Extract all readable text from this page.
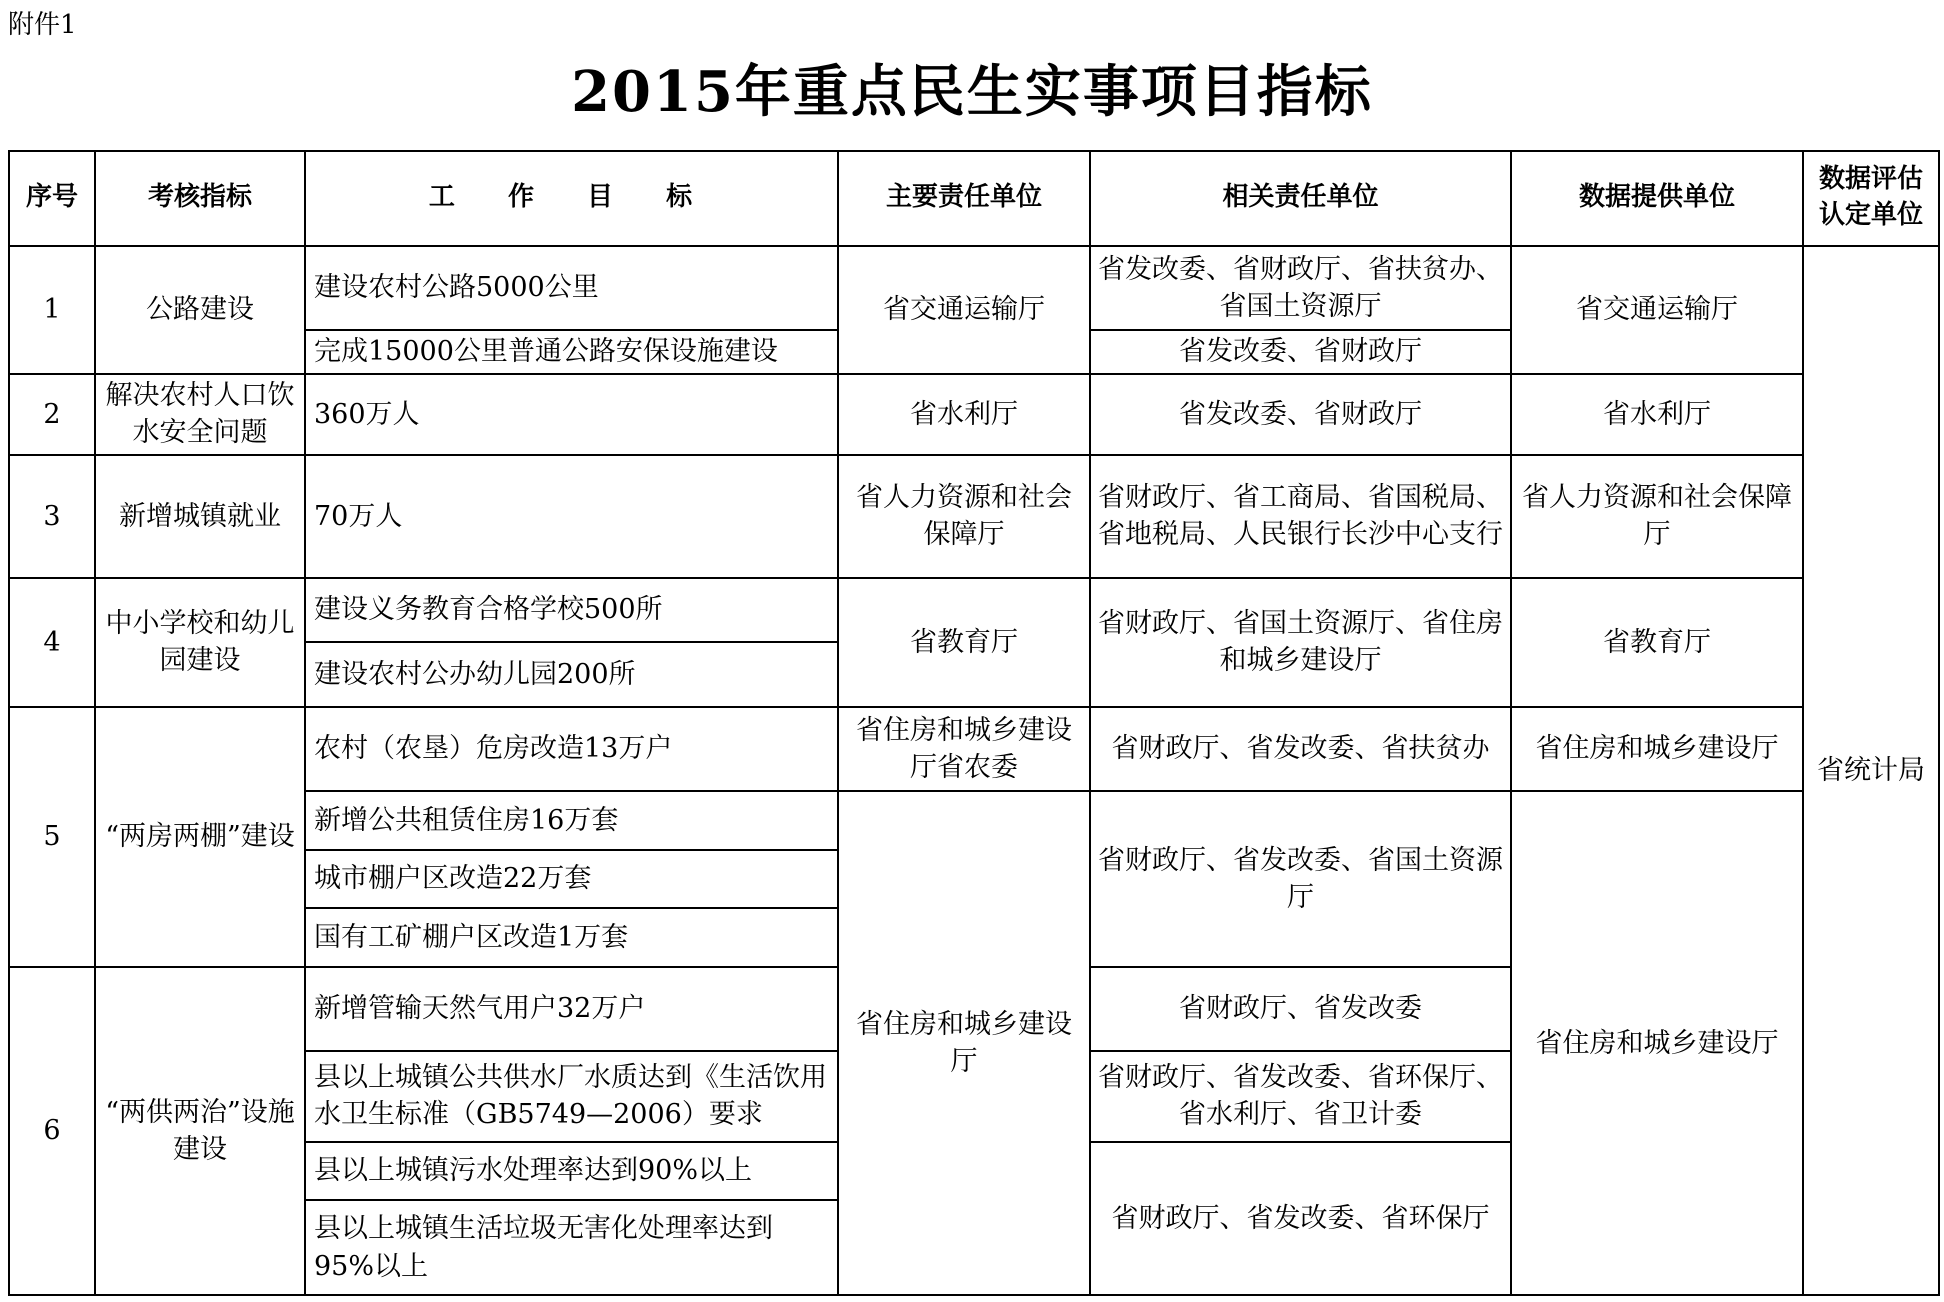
附件1
2015年重点民生实事项目指标
序号	考核指标	工 作 目 标	主要责任单位	相关责任单位	数据提供单位	数据评估认定单位
1	公路建设	建设农村公路5000公里	省交通运输厅	省发改委、省财政厅、省扶贫办、省国土资源厅	省交通运输厅	省统计局
		完成15000公里普通公路安保设施建设		省发改委、省财政厅		
2	解决农村人口饮水安全问题	360万人	省水利厅	省发改委、省财政厅	省水利厅	
3	新增城镇就业	70万人	省人力资源和社会保障厅	省财政厅、省工商局、省国税局、省地税局、人民银行长沙中心支行	省人力资源和社会保障厅	
4	中小学校和幼儿园建设	建设义务教育合格学校500所	省教育厅	省财政厅、省国土资源厅、省住房和城乡建设厅	省教育厅	
		建设农村公办幼儿园200所				
5	“两房两棚”建设	农村（农垦）危房改造13万户	省住房和城乡建设厅省农委	省财政厅、省发改委、省扶贫办	省住房和城乡建设厅	
		新增公共租赁住房16万套	省住房和城乡建设厅	省财政厅、省发改委、省国土资源厅	省住房和城乡建设厅	
		城市棚户区改造22万套				
		国有工矿棚户区改造1万套				
6	“两供两治”设施建设	新增管输天然气用户32万户		省财政厅、省发改委		
		县以上城镇公共供水厂水质达到《生活饮用水卫生标准（GB5749—2006）要求		省财政厅、省发改委、省环保厅、省水利厅、省卫计委		
		县以上城镇污水处理率达到90%以上		省财政厅、省发改委、省环保厅		
		县以上城镇生活垃圾无害化处理率达到95%以上				
